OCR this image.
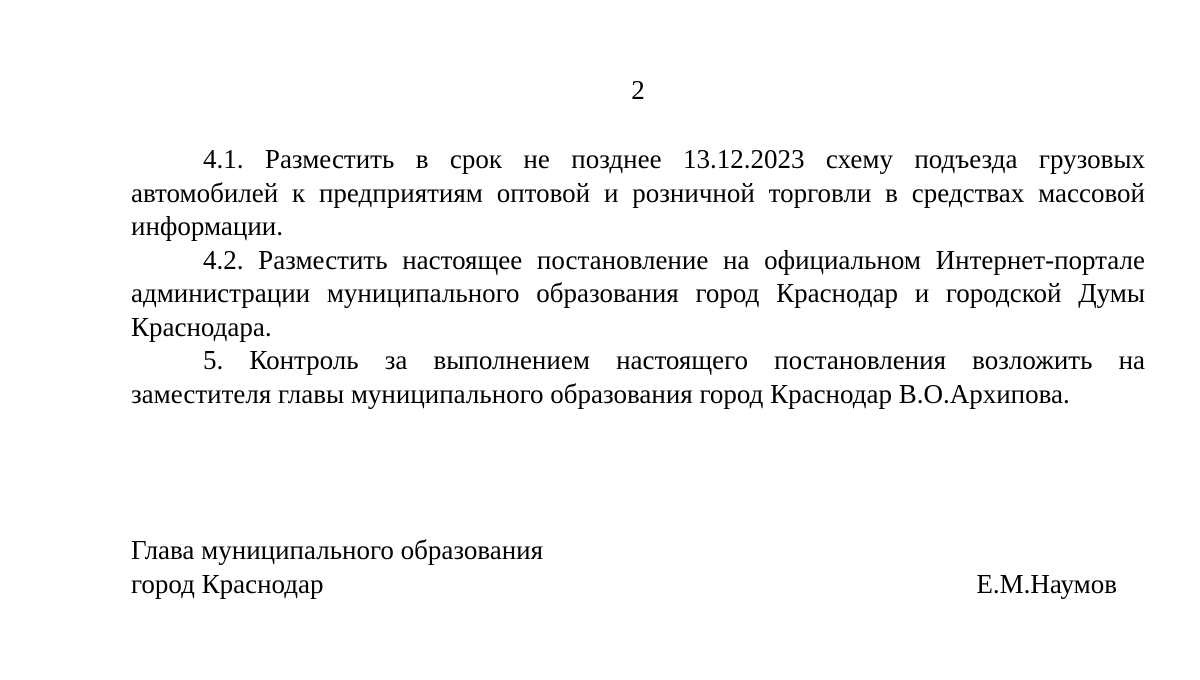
2

4.1. Разместить в срок не позднее 13.12.2023 схему подъезда грузовых автомобилей к предприятиям оптовой и розничной торговли в средствах массовой информации.

4.2. Разместить настоящее постановление на официальном Интернет-портале администрации муниципального образования город Краснодар и городской Думы Краснодара.

5. Контроль за выполнением настоящего постановления возложить на заместителя главы муниципального образования город Краснодар В.О.Архипова.

Глава муниципального образования
город Краснодар	Е.М.Наумов
